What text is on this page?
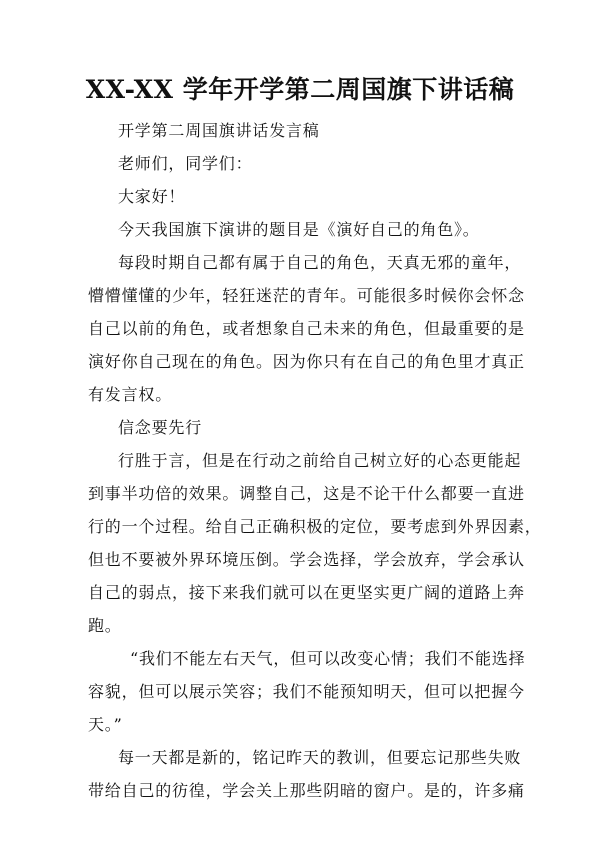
XX-XX 学年开学第二周国旗下讲话稿
开学第二周国旗讲话发言稿
老师们，同学们：
大家好！
今天我国旗下演讲的题目是《演好自己的角色》。
每段时期自己都有属于自己的角色，天真无邪的童年，
懵懵懂懂的少年，轻狂迷茫的青年。可能很多时候你会怀念
自己以前的角色，或者想象自己未来的角色，但最重要的是
演好你自己现在的角色。因为你只有在自己的角色里才真正
有发言权。
信念要先行
行胜于言，但是在行动之前给自己树立好的心态更能起
到事半功倍的效果。调整自己，这是不论干什么都要一直进
行的一个过程。给自己正确积极的定位，要考虑到外界因素，
但也不要被外界环境压倒。学会选择，学会放弃，学会承认
自己的弱点，接下来我们就可以在更坚实更广阔的道路上奔
跑。
“我们不能左右天气，但可以改变心情；我们不能选择
容貌，但可以展示笑容；我们不能预知明天，但可以把握今
天。”
每一天都是新的，铭记昨天的教训，但要忘记那些失败
带给自己的彷徨，学会关上那些阴暗的窗户。是的，许多痛
